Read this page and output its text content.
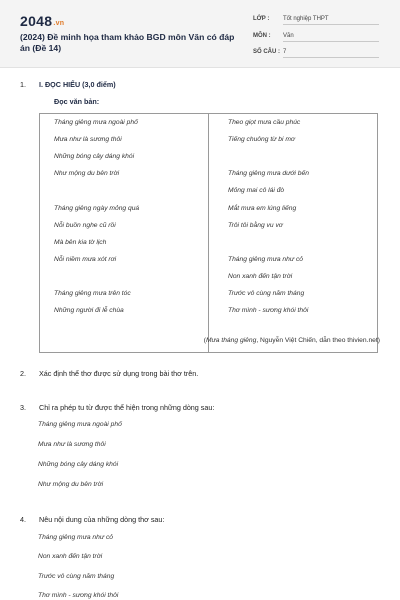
2048.vn
(2024) Đề minh họa tham khảo BGD môn Văn có đáp án (Đề 14)
LỚP : Tốt nghiệp THPT
MÔN : Văn
SỐ CÂU : 7
1. I. ĐỌC HIỂU (3,0 điểm)
Đọc văn bản:
Tháng giêng mưa ngoài phố
Mưa như là sương thôi
Những bóng cây dáng khói
Như mộng du bên trời
Tháng giêng ngày mỏng quá
Nỗi buồn nghe cũ rồi
Mà bên kia tờ lịch
Nỗi niềm mưa xót rơi
Tháng giêng mưa trên tóc
Những người đi lễ chùa
Theo giọt mưa cầu phúc
Tiếng chuông từ bi mơ
Tháng giêng mưa dưới bến
Mỏng mai cô lái đò
Mắt mưa em lúng liếng
Trôi tôi bằng vu vơ
Tháng giêng mưa như cỏ
Non xanh đến tận trời
Trước vô cùng năm tháng
Thơ mình - sương khói thôi
(Mưa tháng giêng, Nguyễn Việt Chiến, dẫn theo thivien.net)
2. Xác định thể thơ được sử dụng trong bài thơ trên.
3. Chỉ ra phép tu từ được thể hiện trong những dòng sau:
Tháng giêng mưa ngoài phố
Mưa như là sương thôi
Những bóng cây dáng khói
Như mộng du bên trời
4. Nêu nội dung của những dòng thơ sau:
Tháng giêng mưa như cỏ
Non xanh đến tận trời
Trước vô cùng năm tháng
Thơ mình - sương khói thôi
